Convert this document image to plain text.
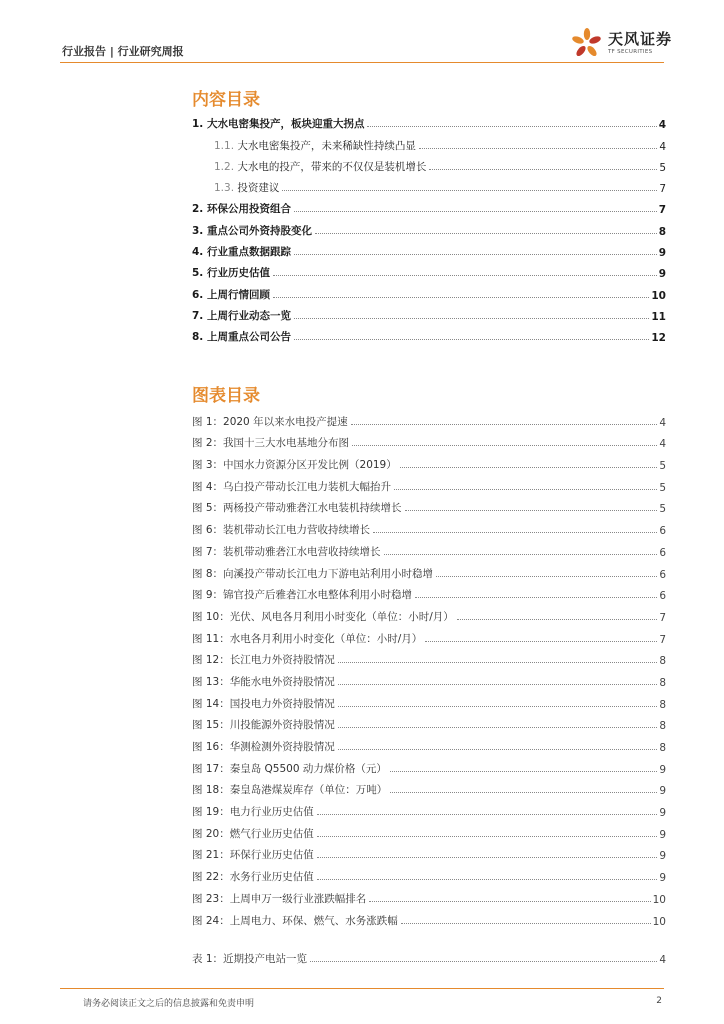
行业报告 | 行业研究周报
天风证券
TF SECURITIES
内容目录
1. 大水电密集投产，板块迎重大拐点	4
1.1. 大水电密集投产，未来稀缺性持续凸显	4
1.2. 大水电的投产，带来的不仅仅是装机增长	5
1.3. 投资建议	7
2. 环保公用投资组合	7
3. 重点公司外资持股变化	8
4. 行业重点数据跟踪	9
5. 行业历史估值	9
6. 上周行情回顾	10
7. 上周行业动态一览	11
8. 上周重点公司公告	12
图表目录
图 1：2020 年以来水电投产提速	4
图 2：我国十三大水电基地分布图	4
图 3：中国水力资源分区开发比例（2019）	5
图 4：乌白投产带动长江电力装机大幅抬升	5
图 5：两杨投产带动雅砻江水电装机持续增长	5
图 6：装机带动长江电力营收持续增长	6
图 7：装机带动雅砻江水电营收持续增长	6
图 8：向溪投产带动长江电力下游电站利用小时稳增	6
图 9：锦官投产后雅砻江水电整体利用小时稳增	6
图 10：光伏、风电各月利用小时变化（单位：小时/月）	7
图 11：水电各月利用小时变化（单位：小时/月）	7
图 12：长江电力外资持股情况	8
图 13：华能水电外资持股情况	8
图 14：国投电力外资持股情况	8
图 15：川投能源外资持股情况	8
图 16：华测检测外资持股情况	8
图 17：秦皇岛 Q5500 动力煤价格（元）	9
图 18：秦皇岛港煤炭库存（单位：万吨）	9
图 19：电力行业历史估值	9
图 20：燃气行业历史估值	9
图 21：环保行业历史估值	9
图 22：水务行业历史估值	9
图 23：上周申万一级行业涨跌幅排名	10
图 24：上周电力、环保、燃气、水务涨跌幅	10
表 1：近期投产电站一览	4
请务必阅读正文之后的信息披露和免责申明	2
